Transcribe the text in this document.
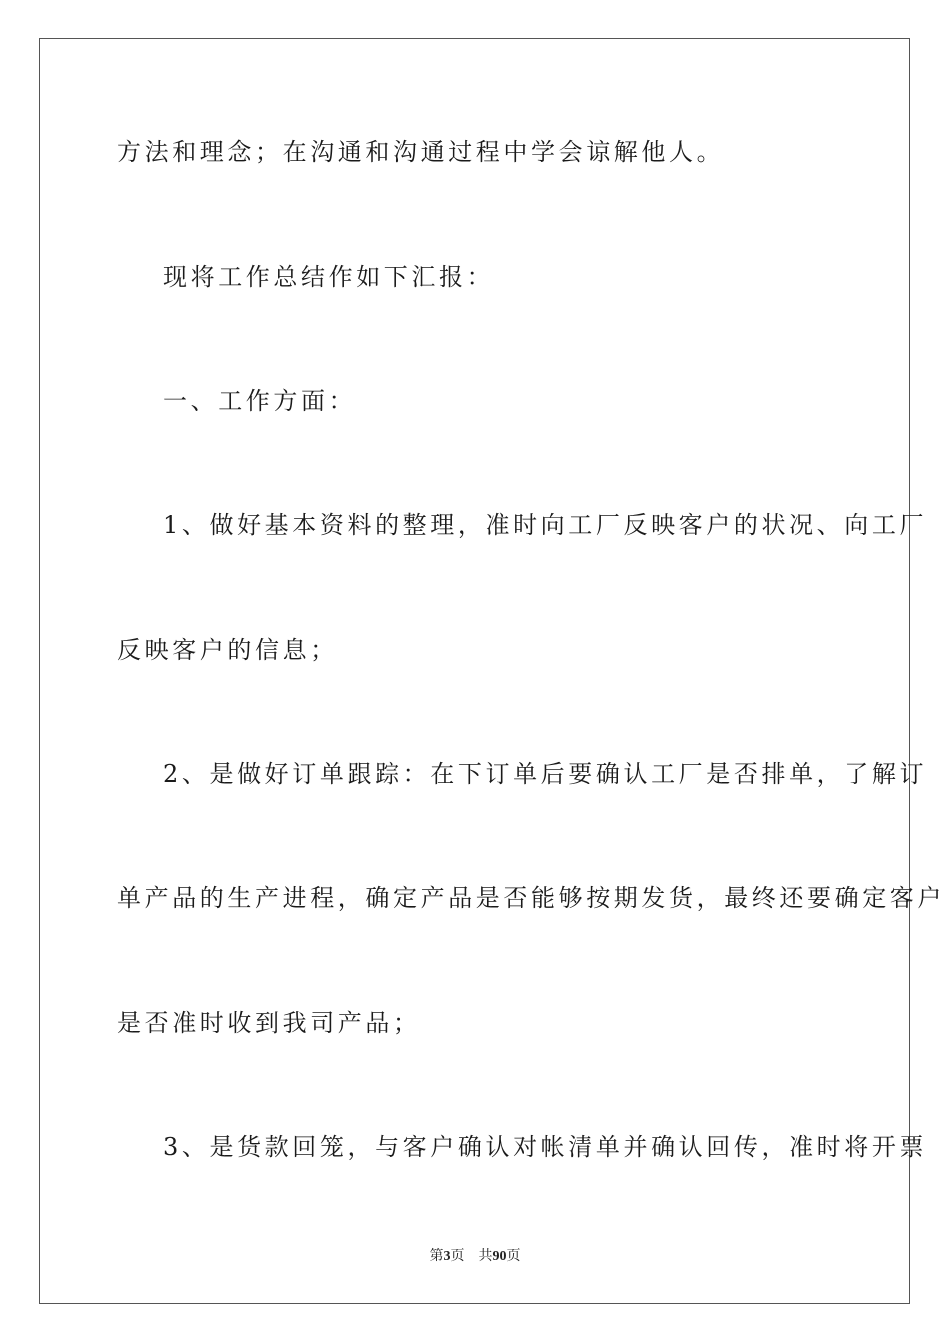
方法和理念；在沟通和沟通过程中学会谅解他人。
现将工作总结作如下汇报：
一、工作方面：
1、做好基本资料的整理，准时向工厂反映客户的状况、向工厂
反映客户的信息；
2、是做好订单跟踪：在下订单后要确认工厂是否排单，了解订
单产品的生产进程，确定产品是否能够按期发货，最终还要确定客户
是否准时收到我司产品；
3、是货款回笼，与客户确认对帐清单并确认回传，准时将开票
第3页 共90页
